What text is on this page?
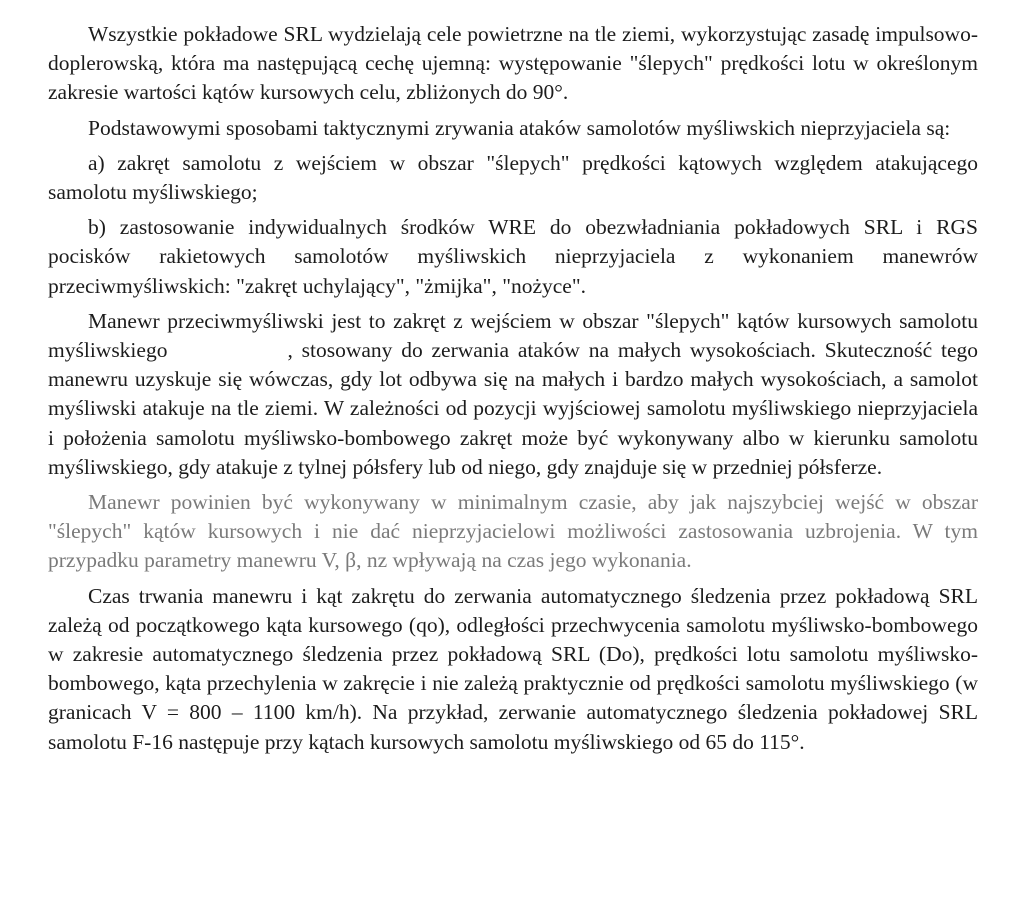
Wszystkie pokładowe SRL wydzielają cele powietrzne na tle ziemi, wykorzystując zasadę impulsowo-doplerowską, która ma następującą cechę ujemną: występowanie "ślepych" prędkości lotu w określonym zakresie wartości kątów kursowych celu, zbliżonych do 90°.

Podstawowymi sposobami taktycznymi zrywania ataków samolotów myśliwskich nieprzyjaciela są:

a) zakręt samolotu z wejściem w obszar "ślepych" prędkości kątowych względem atakującego samolotu myśliwskiego;

b) zastosowanie indywidualnych środków WRE do obezwładniania pokładowych SRL i RGS pocisków rakietowych samolotów myśliwskich nieprzyjaciela z wykonaniem manewrów przeciwmyśliwskich: "zakręt uchylający", "żmijka", "nożyce".

Manewr przeciwmyśliwski jest to zakręt z wejściem w obszar "ślepych" kątów kursowych samolotu myśliwskiego	, stosowany do zerwania ataków na małych wysokościach. Skuteczność tego manewru uzyskuje się wówczas, gdy lot odbywa się na małych i bardzo małych wysokościach, a samolot myśliwski atakuje na tle ziemi. W zależności od pozycji wyjściowej samolotu myśliwskiego nieprzyjaciela i położenia samolotu myśliwsko-bombowego zakręt może być wykonywany albo w kierunku samolotu myśliwskiego, gdy atakuje z tylnej półsfery lub od niego, gdy znajduje się w przedniej półsferze.

Manewr powinien być wykonywany w minimalnym czasie, aby jak najszybciej wejść w obszar "ślepych" kątów kursowych i nie dać nieprzyjacielowi możliwości zastosowania uzbrojenia. W tym przypadku parametry manewru V, β, nz wpływają na czas jego wykonania.

Czas trwania manewru i kąt zakrętu do zerwania automatycznego śledzenia przez pokładową SRL zależą od początkowego kąta kursowego (qo), odległości przechwycenia samolotu myśliwsko-bombowego w zakresie automatycznego śledzenia przez pokładową SRL (Do), prędkości lotu samolotu myśliwsko-bombowego, kąta przechylenia w zakręcie i nie zależą praktycznie od prędkości samolotu myśliwskiego (w granicach V = 800 – 1100 km/h). Na przykład, zerwanie automatycznego śledzenia pokładowej SRL samolotu F-16 następuje przy kątach kursowych samolotu myśliwskiego od 65 do 115°.
